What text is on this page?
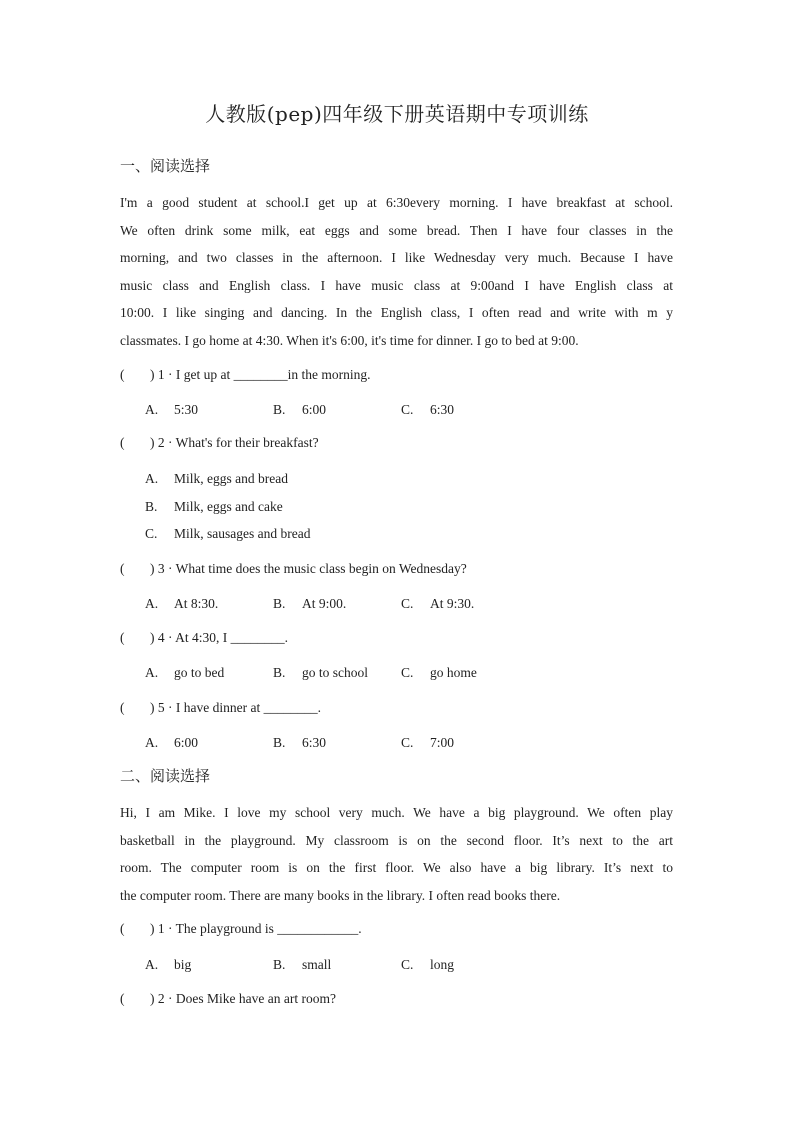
人教版(pep)四年级下册英语期中专项训练
一、阅读选择
I'm a good student at school.I get up at 6:30every morning. I have breakfast at school.
We often drink some milk, eat eggs and some bread. Then I have four classes in the
morning, and two classes in the afternoon. I like Wednesday very much. Because I have
music class and English class. I have music class at 9:00and I have English class at
10:00. I like singing and dancing. In the English class, I often read and write with m y
classmates. I go home at 4:30. When it's 6:00, it's time for dinner. I go to bed at 9:00.
( ) 1 · I get up at ________in the morning.
A. 5:30	B. 6:00	C. 6:30
( ) 2 · What's for their breakfast?
A. Milk, eggs and bread
B. Milk, eggs and cake
C. Milk, sausages and bread
( ) 3 · What time does the music class begin on Wednesday?
A. At 8:30.	B. At 9:00.	C. At 9:30.
( ) 4 · At 4:30, I ________.
A. go to bed	B. go to school C. go home
( ) 5 · I have dinner at ________.
A. 6:00	B. 6:30	C. 7:00
二、阅读选择
Hi, I am Mike. I love my school very much. We have a big playground. We often play
basketball in the playground. My classroom is on the second floor. It’s next to the art
room. The computer room is on the first floor. We also have a big library. It’s next to
the computer room. There are many books in the library. I often read books there.
( ) 1 · The playground is ____________.
A. big	B. small	C. long
( ) 2 · Does Mike have an art room?
